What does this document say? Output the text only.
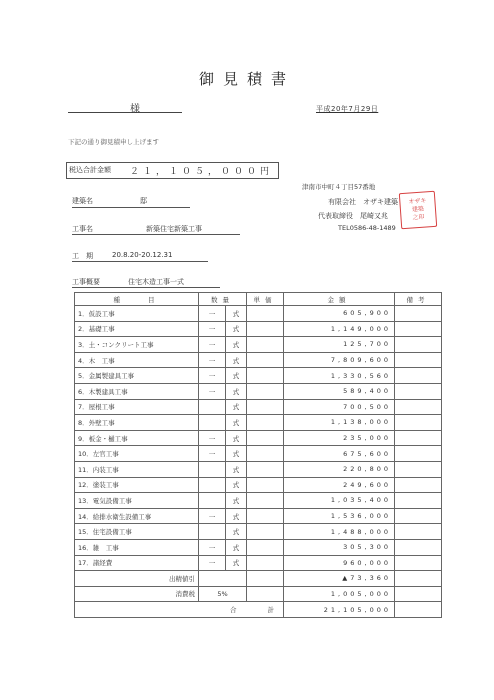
御見積書
様	平成20年7月29日
下記の通り御見積申し上げます
税込合計金額 ２１，１０５，０００円
津南市中町４丁目57番地
有限会社　オザキ建築
代表取締役　尾崎又兆
TEL0586-48-1489
オザキ
建築
之印
建築名	邸
工事名	新築住宅新築工事
工　期	20.8.20-20.12.31
工事概要	住宅木造工事一式
種　　目	数量		単価	金額	備考
1．仮設工事	一	式		605,900	
2．基礎工事	一	式		1,149,000	
3．土・コンクリート工事	一	式		125,700	
4．木　工事	一	式		7,809,600	
5．金属製建具工事	一	式		1,330,560	
6．木製建具工事	一	式		589,400	
7．屋根工事		式		700,500	
8．外壁工事		式		1,138,000	
9．板金・樋工事	一	式		235,000	
10．左官工事	一	式		675,600	
11．内装工事		式		220,800	
12．塗装工事		式		249,600	
13．電気設備工事		式		1,035,400	
14．給排水衛生設備工事	一	式		1,536,000	
15．住宅設備工事		式		1,488,000	
16．雑　工事	一	式		305,300	
17．諸経費	一	式		960,000	
出精値引				▲73,360	
消費税	5%			1,005,000	
合　　計				21,105,000	
